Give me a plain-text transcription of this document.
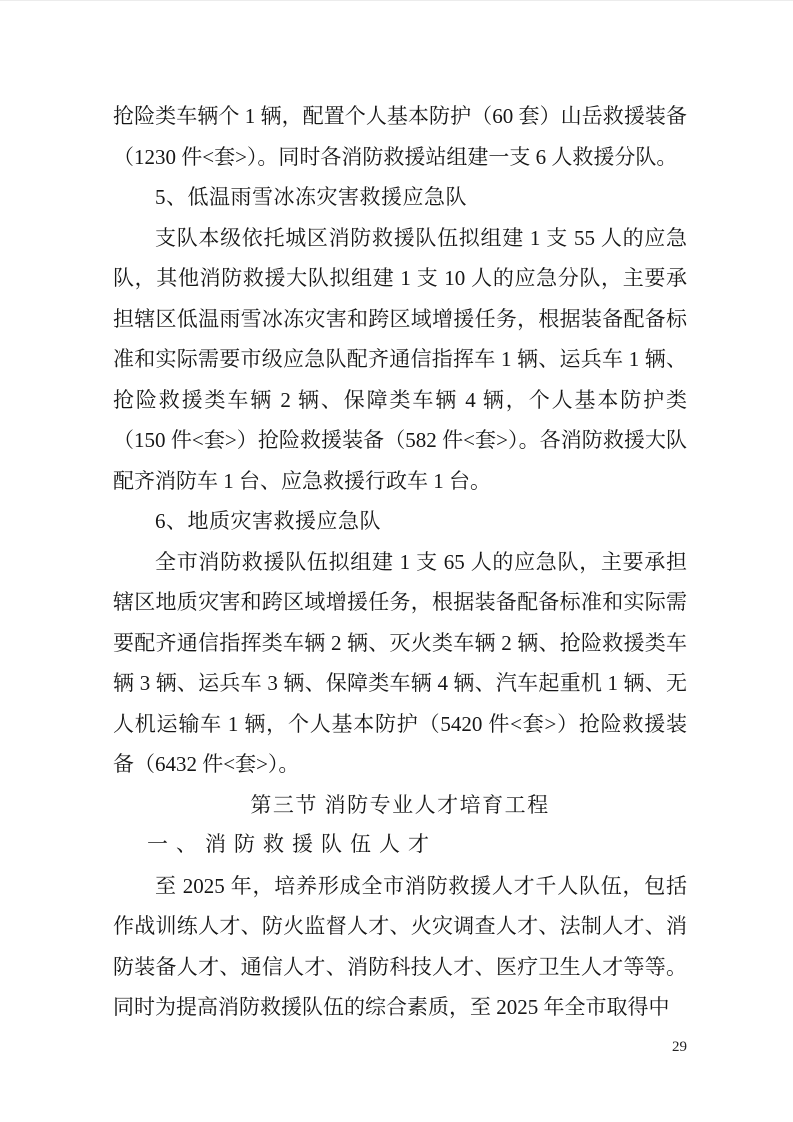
抢险类车辆个 1 辆，配置个人基本防护（60 套）山岳救援装备（1230 件<套>）。同时各消防救援站组建一支 6 人救援分队。

5、低温雨雪冰冻灾害救援应急队

支队本级依托城区消防救援队伍拟组建 1 支 55 人的应急队，其他消防救援大队拟组建 1 支 10 人的应急分队，主要承担辖区低温雨雪冰冻灾害和跨区域增援任务，根据装备配备标准和实际需要市级应急队配齐通信指挥车 1 辆、运兵车 1 辆、抢险救援类车辆 2 辆、保障类车辆 4 辆，个人基本防护类（150 件<套>）抢险救援装备（582 件<套>）。各消防救援大队配齐消防车 1 台、应急救援行政车 1 台。

6、地质灾害救援应急队

全市消防救援队伍拟组建 1 支 65 人的应急队，主要承担辖区地质灾害和跨区域增援任务，根据装备配备标准和实际需要配齐通信指挥类车辆 2 辆、灭火类车辆 2 辆、抢险救援类车辆 3 辆、运兵车 3 辆、保障类车辆 4 辆、汽车起重机 1 辆、无人机运输车 1 辆，个人基本防护（5420 件<套>）抢险救援装备（6432 件<套>）。

第三节 消防专业人才培育工程
一、消防救援队伍人才

至 2025 年，培养形成全市消防救援人才千人队伍，包括作战训练人才、防火监督人才、火灾调查人才、法制人才、消防装备人才、通信人才、消防科技人才、医疗卫生人才等等。同时为提高消防救援队伍的综合素质，至 2025 年全市取得中

29
